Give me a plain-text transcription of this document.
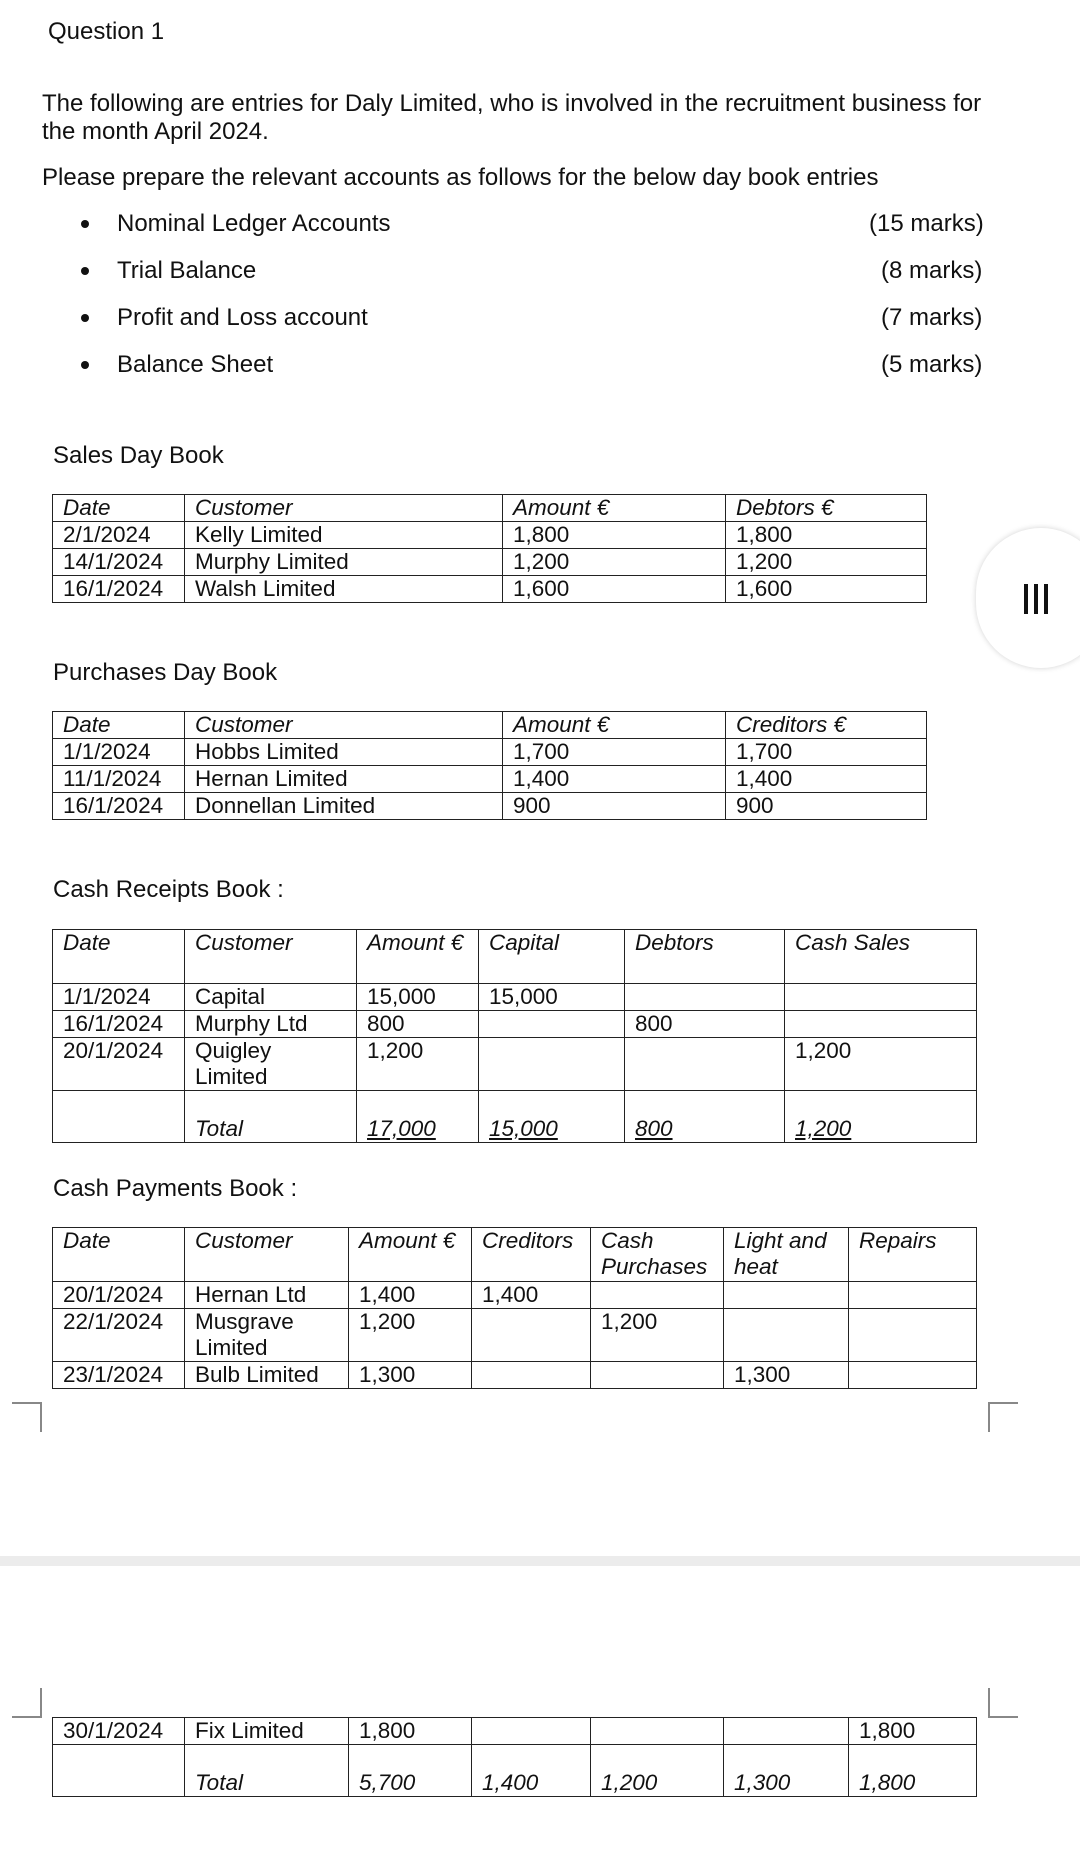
Question 1
The following are entries for Daly Limited, who is involved in the recruitment business for
the month April 2024.
Please prepare the relevant accounts as follows for the below day book entries
Nominal Ledger Accounts	(15 marks)
Trial Balance	(8 marks)
Profit and Loss account	(7 marks)
Balance Sheet	(5 marks)
Sales Day Book
Date	Customer	Amount €	Debtors €
2/1/2024	Kelly Limited	1,800	1,800
14/1/2024	Murphy Limited	1,200	1,200
16/1/2024	Walsh Limited	1,600	1,600
Purchases Day Book
Date	Customer	Amount €	Creditors €
1/1/2024	Hobbs Limited	1,700	1,700
11/1/2024	Hernan Limited	1,400	1,400
16/1/2024	Donnellan Limited	900	900
Cash Receipts Book :
Date	Customer	Amount €	Capital	Debtors	Cash Sales
1/1/2024	Capital	15,000	15,000		
16/1/2024	Murphy Ltd	800		800	
20/1/2024	Quigley Limited	1,200			1,200
	Total	17,000	15,000	800	1,200
Cash Payments Book :
Date	Customer	Amount €	Creditors	Cash Purchases	Light and heat	Repairs
20/1/2024	Hernan Ltd	1,400	1,400			
22/1/2024	Musgrave Limited	1,200		1,200		
23/1/2024	Bulb Limited	1,300			1,300	
30/1/2024	Fix Limited	1,800				1,800
	Total	5,700	1,400	1,200	1,300	1,800
